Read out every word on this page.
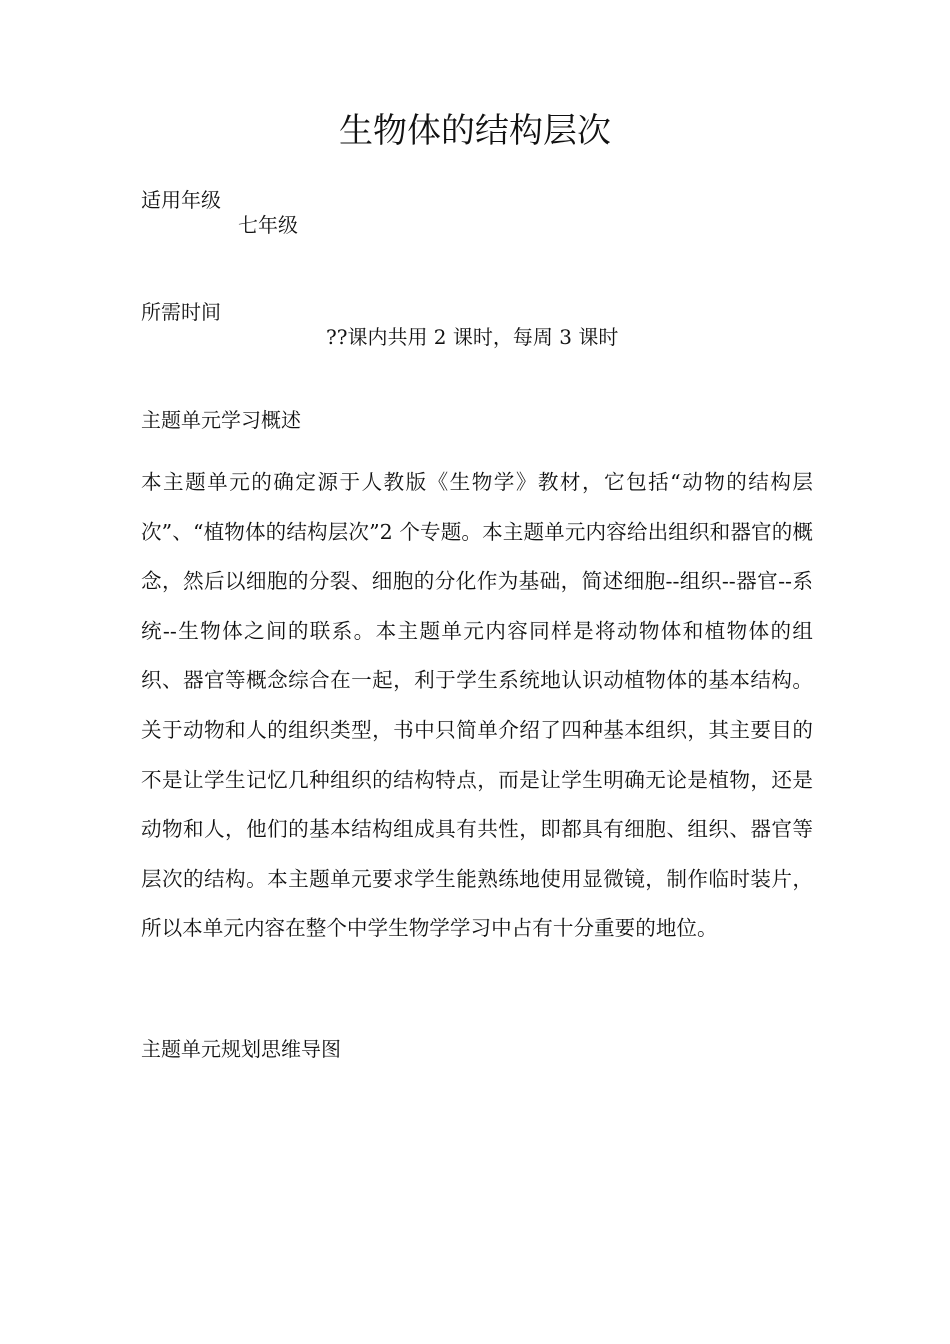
生物体的结构层次
适用年级
七年级
所需时间
??课内共用 2 课时，每周 3 课时
主题单元学习概述

本主题单元的确定源于人教版《生物学》教材，它包括“动物的结构层次”、“植物体的结构层次”2 个专题。本主题单元内容给出组织和器官的概念，然后以细胞的分裂、细胞的分化作为基础，简述细胞--组织--器官--系统--生物体之间的联系。本主题单元内容同样是将动物体和植物体的组织、器官等概念综合在一起，利于学生系统地认识动植物体的基本结构。关于动物和人的组织类型，书中只简单介绍了四种基本组织，其主要目的不是让学生记忆几种组织的结构特点，而是让学生明确无论是植物，还是动物和人，他们的基本结构组成具有共性，即都具有细胞、组织、器官等层次的结构。本主题单元要求学生能熟练地使用显微镜，制作临时装片，所以本单元内容在整个中学生物学学习中占有十分重要的地位。

主题单元规划思维导图
